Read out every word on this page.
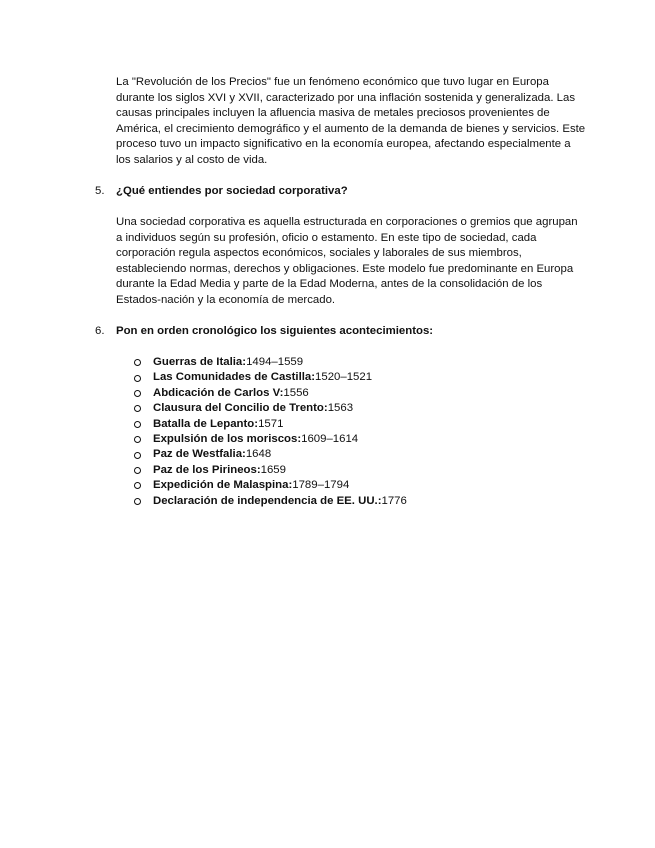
La "Revolución de los Precios" fue un fenómeno económico que tuvo lugar en Europa durante los siglos XVI y XVII, caracterizado por una inflación sostenida y generalizada. Las causas principales incluyen la afluencia masiva de metales preciosos provenientes de América, el crecimiento demográfico y el aumento de la demanda de bienes y servicios. Este proceso tuvo un impacto significativo en la economía europea, afectando especialmente a los salarios y al costo de vida.

5. ¿Qué entiendes por sociedad corporativa?

Una sociedad corporativa es aquella estructurada en corporaciones o gremios que agrupan a individuos según su profesión, oficio o estamento. En este tipo de sociedad, cada corporación regula aspectos económicos, sociales y laborales de sus miembros, estableciendo normas, derechos y obligaciones. Este modelo fue predominante en Europa durante la Edad Media y parte de la Edad Moderna, antes de la consolidación de los Estados-nación y la economía de mercado.

6. Pon en orden cronológico los siguientes acontecimientos:
Guerras de Italia: 1494–1559
Las Comunidades de Castilla: 1520–1521
Abdicación de Carlos V: 1556
Clausura del Concilio de Trento: 1563
Batalla de Lepanto: 1571
Expulsión de los moriscos: 1609–1614
Paz de Westfalia: 1648
Paz de los Pirineos: 1659
Expedición de Malaspina: 1789–1794
Declaración de independencia de EE. UU.: 1776
